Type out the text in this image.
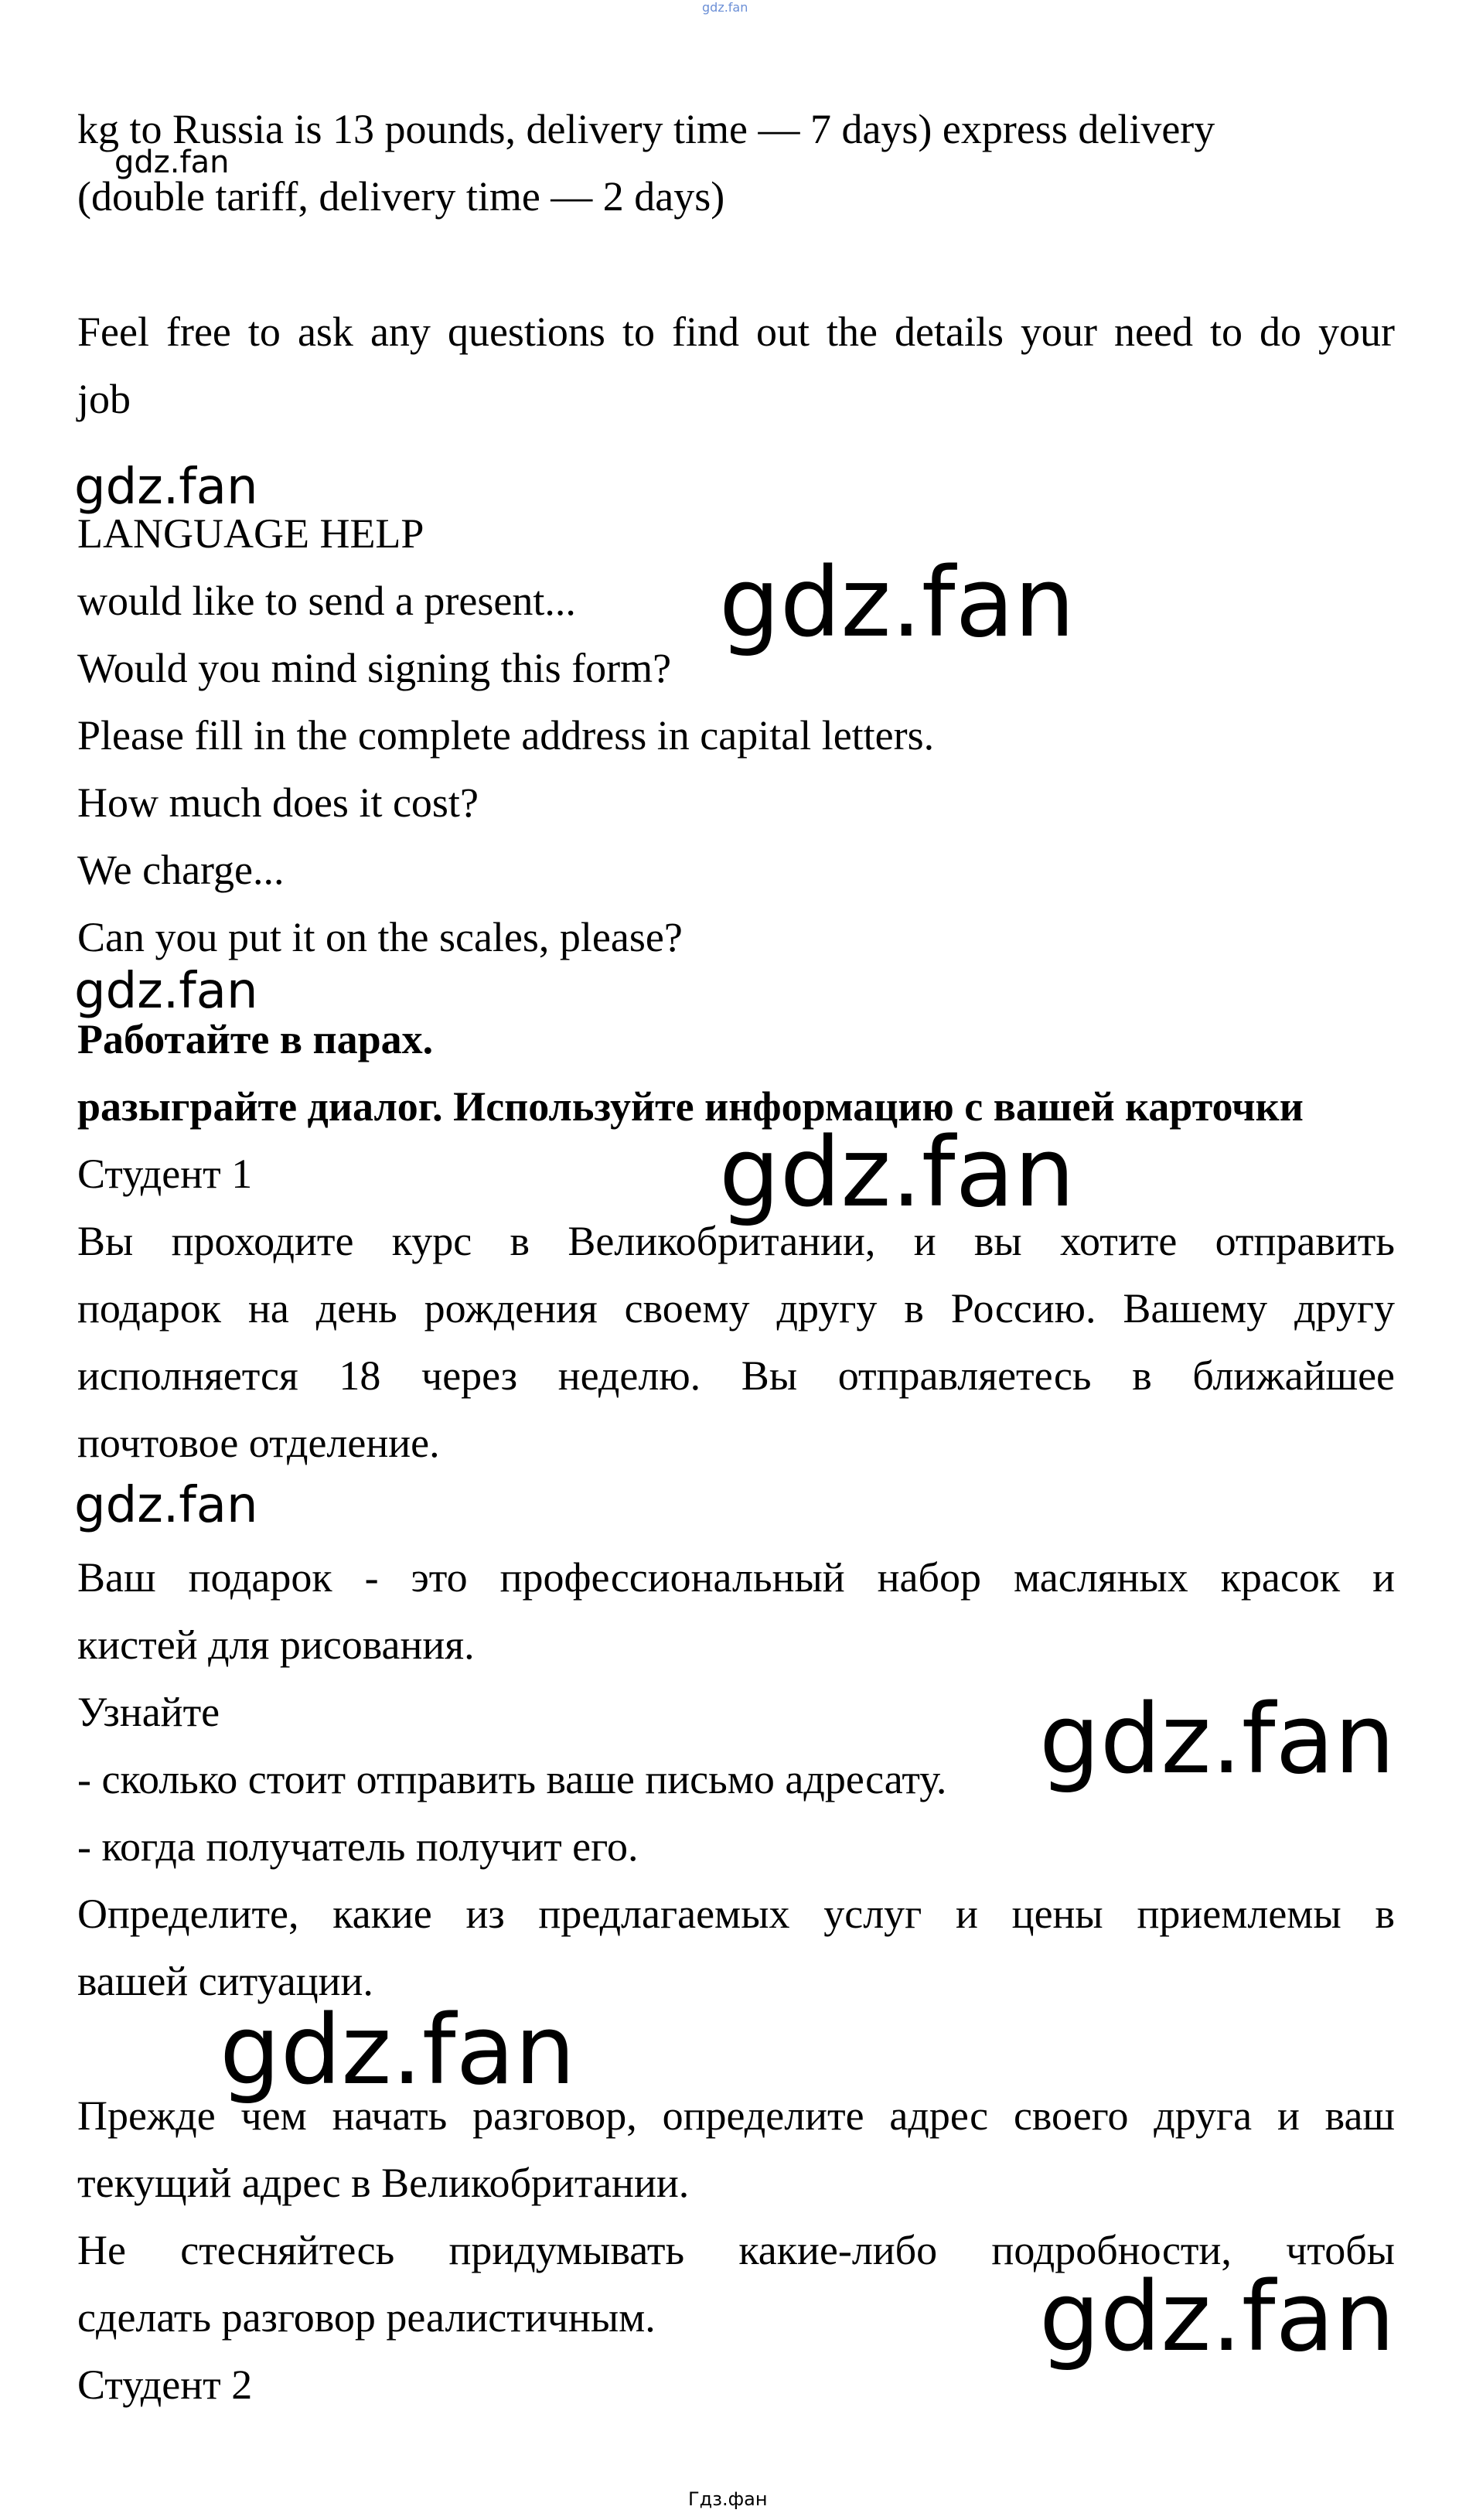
gdz.fan
kg to Russia is 13 pounds, delivery time — 7 days) express delivery
(double tariff, delivery time — 2 days)
Feel free to ask any questions to find out the details your need to do your
job
LANGUAGE HELP
would like to send a present...
Would you mind signing this form?
Please fill in the complete address in capital letters.
How much does it cost?
We charge...
Can you put it on the scales, please?
Работайте в парах.
разыграйте диалог. Используйте информацию с вашей карточки
Студент 1
Вы проходите курс в Великобритании, и вы хотите отправить
подарок на день рождения своему другу в Россию. Вашему другу
исполняется 18 через неделю. Вы отправляетесь в ближайшее
почтовое отделение.
Ваш подарок - это профессиональный набор масляных красок и
кистей для рисования.
Узнайте
- сколько стоит отправить ваше письмо адресату.
- когда получатель получит его.
Определите, какие из предлагаемых услуг и цены приемлемы в
вашей ситуации.
Прежде чем начать разговор, определите адрес своего друга и ваш
текущий адрес в Великобритании.
Не стесняйтесь придумывать какие-либо подробности, чтобы
сделать разговор реалистичным.
Студент 2
gdz.fan
gdz.fan
gdz.fan
gdz.fan
gdz.fan
gdz.fan
gdz.fan
gdz.fan
gdz.fan
Гдз.фан
